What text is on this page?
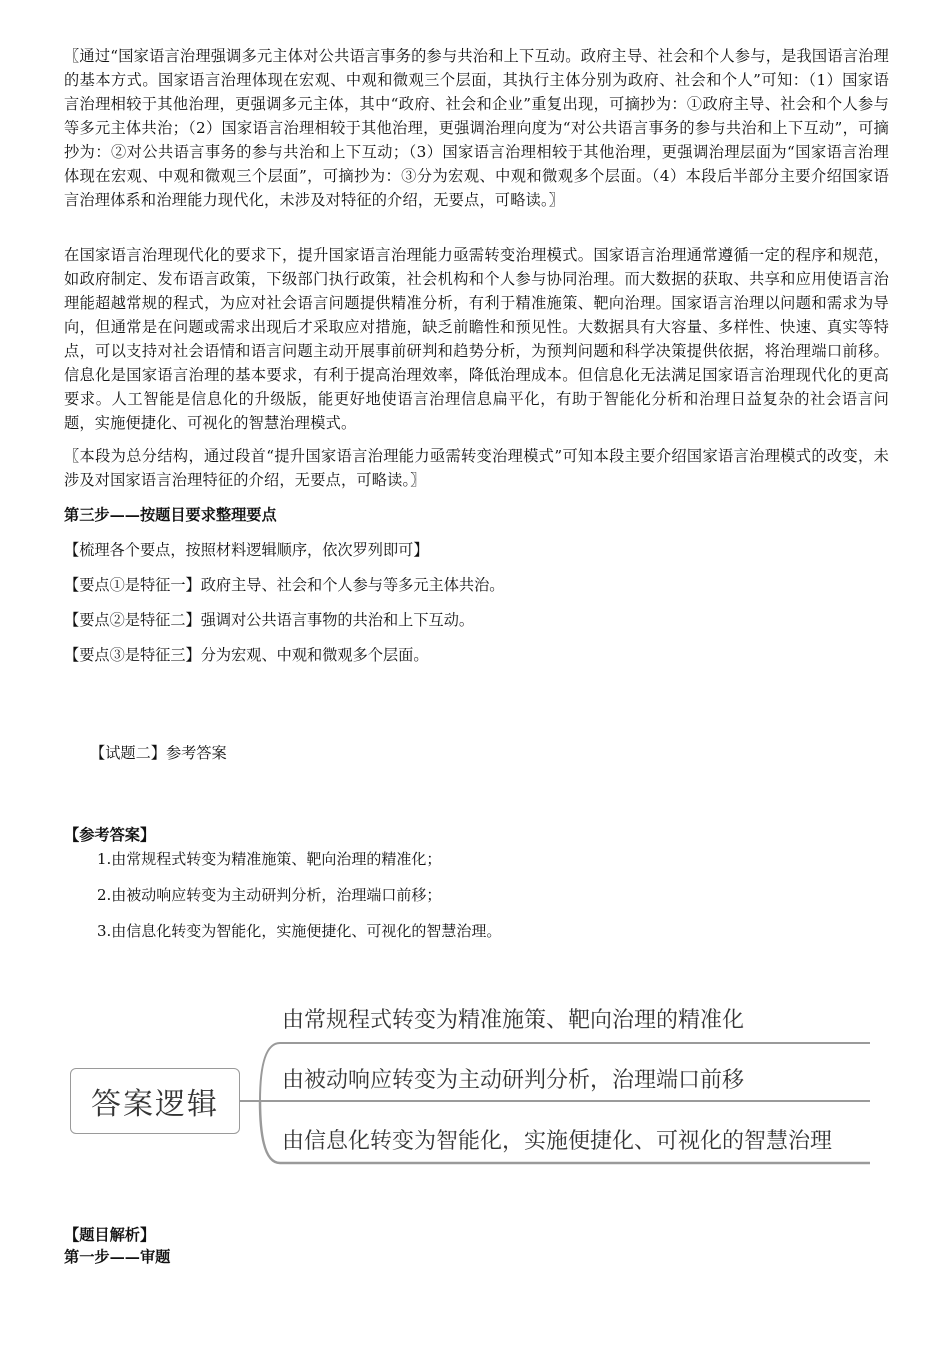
〖通过“国家语言治理强调多元主体对公共语言事务的参与共治和上下互动。政府主导、社会和个人参与，是我国语言治理的基本方式。国家语言治理体现在宏观、中观和微观三个层面，其执行主体分别为政府、社会和个人”可知：（1）国家语言治理相较于其他治理，更强调多元主体，其中“政府、社会和企业”重复出现，可摘抄为：①政府主导、社会和个人参与等多元主体共治；（2）国家语言治理相较于其他治理，更强调治理向度为“对公共语言事务的参与共治和上下互动”，可摘抄为：②对公共语言事务的参与共治和上下互动；（3）国家语言治理相较于其他治理，更强调治理层面为“国家语言治理体现在宏观、中观和微观三个层面”，可摘抄为：③分为宏观、中观和微观多个层面。（4）本段后半部分主要介绍国家语言治理体系和治理能力现代化，未涉及对特征的介绍，无要点，可略读。〗

在国家语言治理现代化的要求下，提升国家语言治理能力亟需转变治理模式。国家语言治理通常遵循一定的程序和规范，如政府制定、发布语言政策，下级部门执行政策，社会机构和个人参与协同治理。而大数据的获取、共享和应用使语言治理能超越常规的程式，为应对社会语言问题提供精准分析，有利于精准施策、靶向治理。国家语言治理以问题和需求为导向，但通常是在问题或需求出现后才采取应对措施，缺乏前瞻性和预见性。大数据具有大容量、多样性、快速、真实等特点，可以支持对社会语情和语言问题主动开展事前研判和趋势分析，为预判问题和科学决策提供依据，将治理端口前移。信息化是国家语言治理的基本要求，有利于提高治理效率，降低治理成本。但信息化无法满足国家语言治理现代化的更高要求。人工智能是信息化的升级版，能更好地使语言治理信息扁平化，有助于智能化分析和治理日益复杂的社会语言问题，实施便捷化、可视化的智慧治理模式。

〖本段为总分结构，通过段首“提升国家语言治理能力亟需转变治理模式”可知本段主要介绍国家语言治理模式的改变，未涉及对国家语言治理特征的介绍，无要点，可略读。〗

第三步——按题目要求整理要点

【梳理各个要点，按照材料逻辑顺序，依次罗列即可】

【要点①是特征一】政府主导、社会和个人参与等多元主体共治。

【要点②是特征二】强调对公共语言事物的共治和上下互动。

【要点③是特征三】分为宏观、中观和微观多个层面。

【试题二】参考答案

【参考答案】

1.由常规程式转变为精准施策、靶向治理的精准化；

2.由被动响应转变为主动研判分析，治理端口前移；

3.由信息化转变为智能化，实施便捷化、可视化的智慧治理。

答案逻辑
由常规程式转变为精准施策、靶向治理的精准化
由被动响应转变为主动研判分析，治理端口前移
由信息化转变为智能化，实施便捷化、可视化的智慧治理

【题目解析】

第一步——审题
